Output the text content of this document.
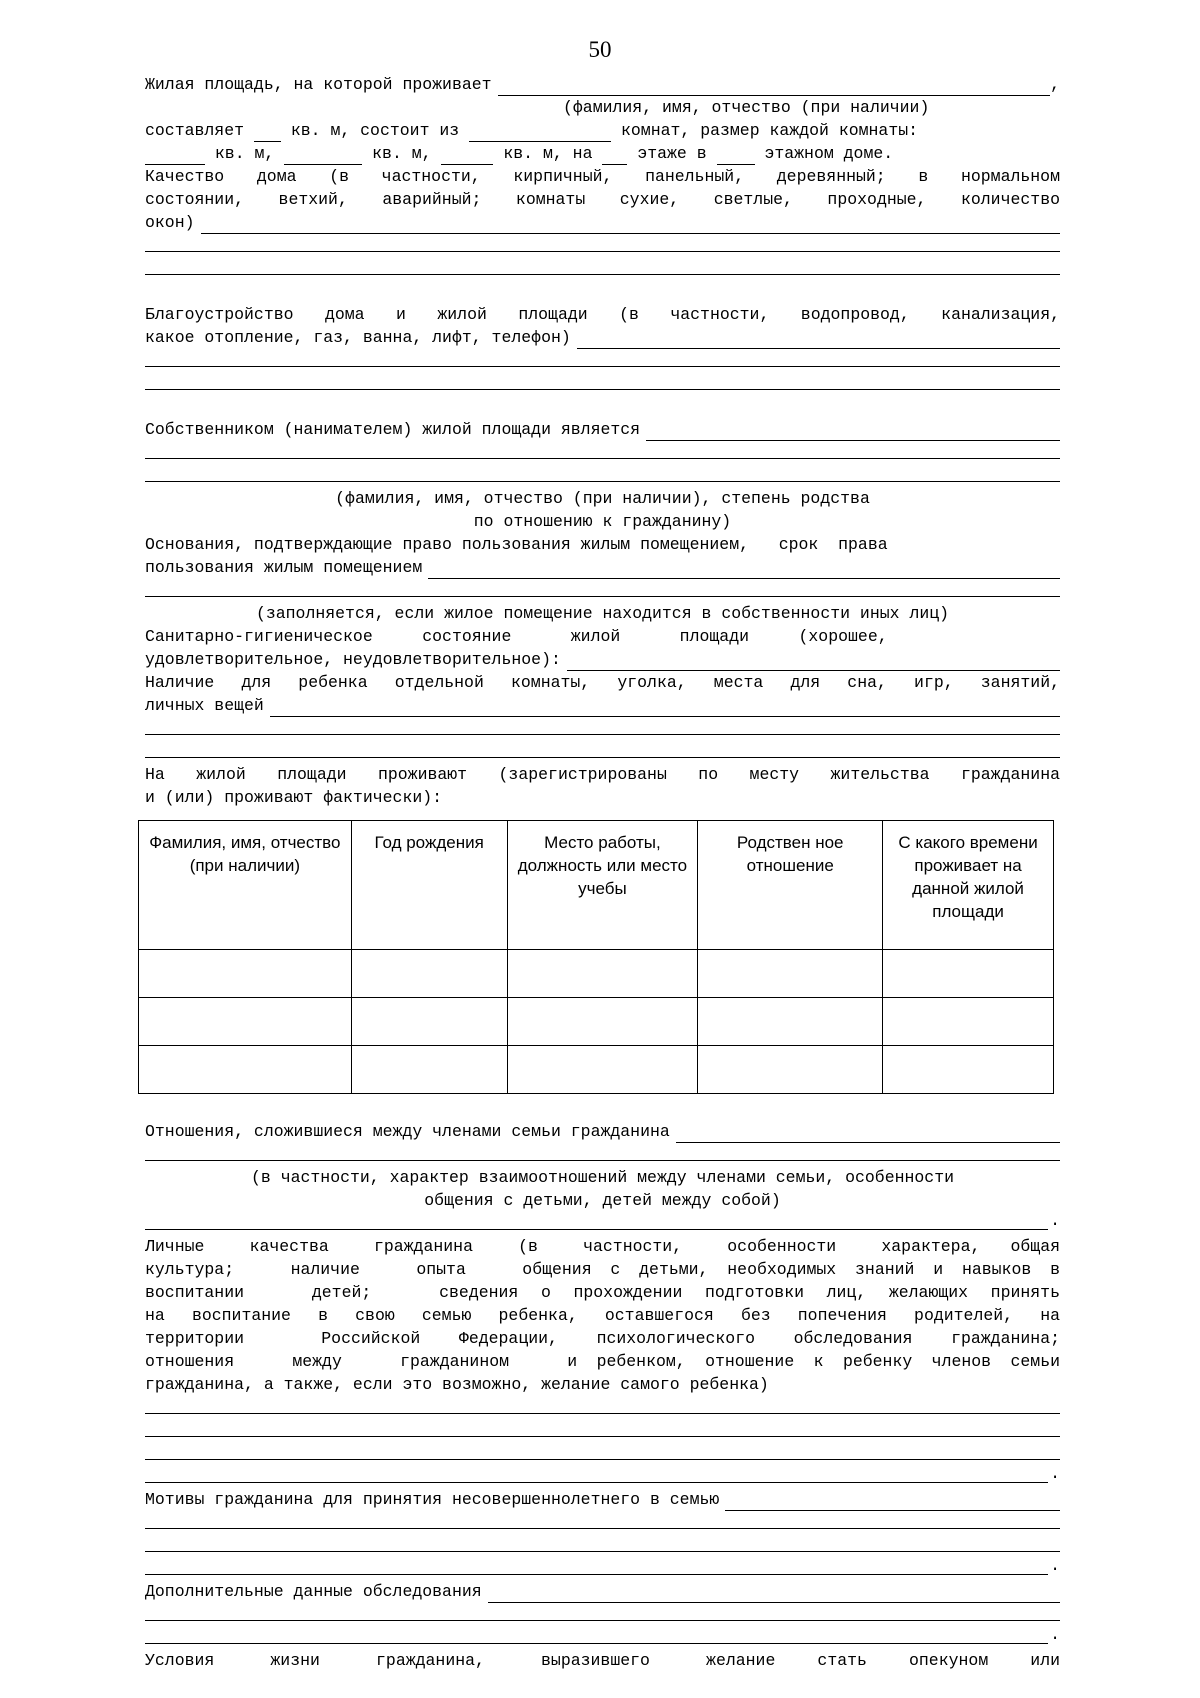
50
Жилая площадь, на которой проживает	,
(фамилия, имя, отчество (при наличии)
составляет	кв. м, состоит из	комнат, размер каждой комнаты:
кв. м,	кв. м,	кв. м, на	этаже в	этажном доме.
Качество дома (в частности, кирпичный, панельный, деревянный; в нормальном
состоянии, ветхий, аварийный; комнаты сухие, светлые, проходные, количество
окон)
Благоустройство дома и жилой площади (в частности, водопровод, канализация,
какое отопление, газ, ванна, лифт, телефон)
Собственником (нанимателем) жилой площади является
(фамилия, имя, отчество (при наличии), степень родства
по отношению к гражданину)
Основания, подтверждающие право пользования жилым помещением,   срок  права
пользования жилым помещением
(заполняется, если жилое помещение находится в собственности иных лиц)
Санитарно-гигиеническое     состояние      жилой      площади     (хорошее,
удовлетворительное, неудовлетворительное):
Наличие для ребенка отдельной комнаты, уголка, места для сна, игр, занятий,
личных вещей
На жилой площади проживают (зарегистрированы по месту жительства гражданина
и (или) проживают фактически):
Фамилия, имя, отчество (при наличии)	Год рождения	Место работы, должность или место учебы	Родствен ное отношение	С какого времени проживает на данной жилой площади

Отношения, сложившиеся между членами семьи гражданина
(в частности, характер взаимоотношений между членами семьи, особенности
общения с детьми, детей между собой)
.
Личные   качества   гражданина   (в   частности,   особенности   характера,  общая
культура;   наличие   опыта   общения с детьми, необходимых знаний и навыков в
воспитании   детей;   сведения о прохождении подготовки лиц, желающих принять
на воспитание в свою семью ребенка, оставшегося без попечения родителей, на
территории  Российской Федерации, психологического обследования гражданина;
отношения   между   гражданином   и ребенком, отношение к ребенку членов семьи
гражданина, а также, если это возможно, желание самого ребенка)
.
Мотивы гражданина для принятия несовершеннолетнего в семью
.
Дополнительные данные обследования
.
Условия    жизни    гражданина,    выразившего    желание   стать   опекуном   или
